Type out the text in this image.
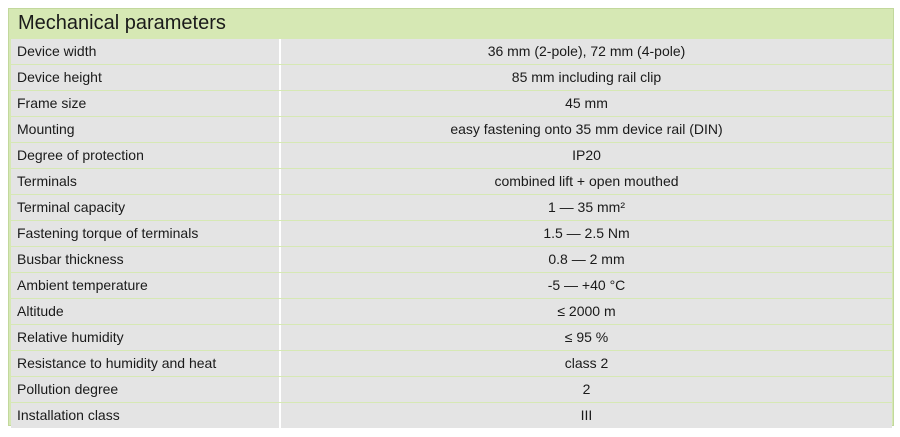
Mechanical parameters
Device width	36 mm (2-pole), 72 mm (4-pole)
Device height	85 mm including rail clip
Frame size	45 mm
Mounting	easy fastening onto 35 mm device rail (DIN)
Degree of protection	IP20
Terminals	combined lift + open mouthed
Terminal capacity	1 — 35 mm²
Fastening torque of terminals	1.5 — 2.5 Nm
Busbar thickness	0.8 — 2 mm
Ambient temperature	-5 — +40 °C
Altitude	≤ 2000 m
Relative humidity	≤ 95 %
Resistance to humidity and heat	class 2
Pollution degree	2
Installation class	III
